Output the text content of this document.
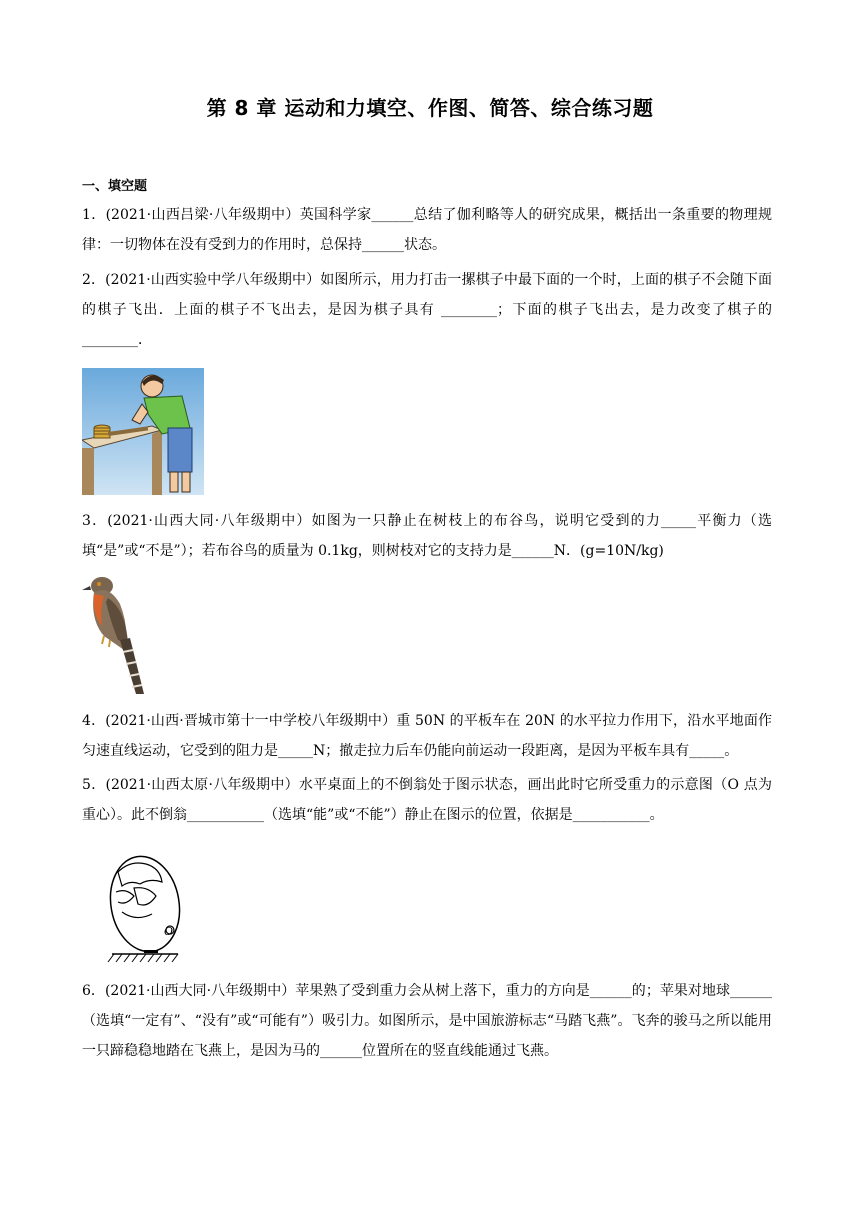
第 8 章 运动和力填空、作图、简答、综合练习题
一、填空题
1．(2021·山西吕梁·八年级期中）英国科学家______总结了伽利略等人的研究成果，概括出一条重要的物理规律：一切物体在没有受到力的作用时，总保持______状态。
2．(2021·山西实验中学八年级期中）如图所示，用力打击一摞棋子中最下面的一个时，上面的棋子不会随下面的棋子飞出．上面的棋子不飞出去，是因为棋子具有 ________；下面的棋子飞出去，是力改变了棋子的 ________．
3．(2021·山西大同·八年级期中）如图为一只静止在树枝上的布谷鸟，说明它受到的力_____平衡力（选填“是”或“不是”）；若布谷鸟的质量为 0.1kg，则树枝对它的支持力是______N．(g=10N/kg)
4．(2021·山西·晋城市第十一中学校八年级期中）重 50N 的平板车在 20N 的水平拉力作用下，沿水平地面作匀速直线运动，它受到的阻力是_____N；撤走拉力后车仍能向前运动一段距离，是因为平板车具有_____。
5．(2021·山西太原·八年级期中）水平桌面上的不倒翁处于图示状态，画出此时它所受重力的示意图（O 点为重心）。此不倒翁___________（选填“能”或“不能”）静止在图示的位置，依据是___________。
O
6．(2021·山西大同·八年级期中）苹果熟了受到重力会从树上落下，重力的方向是______的；苹果对地球______（选填“一定有”、“没有”或“可能有”）吸引力。如图所示，是中国旅游标志“马踏飞燕”。飞奔的骏马之所以能用一只蹄稳稳地踏在飞燕上，是因为马的______位置所在的竖直线能通过飞燕。
